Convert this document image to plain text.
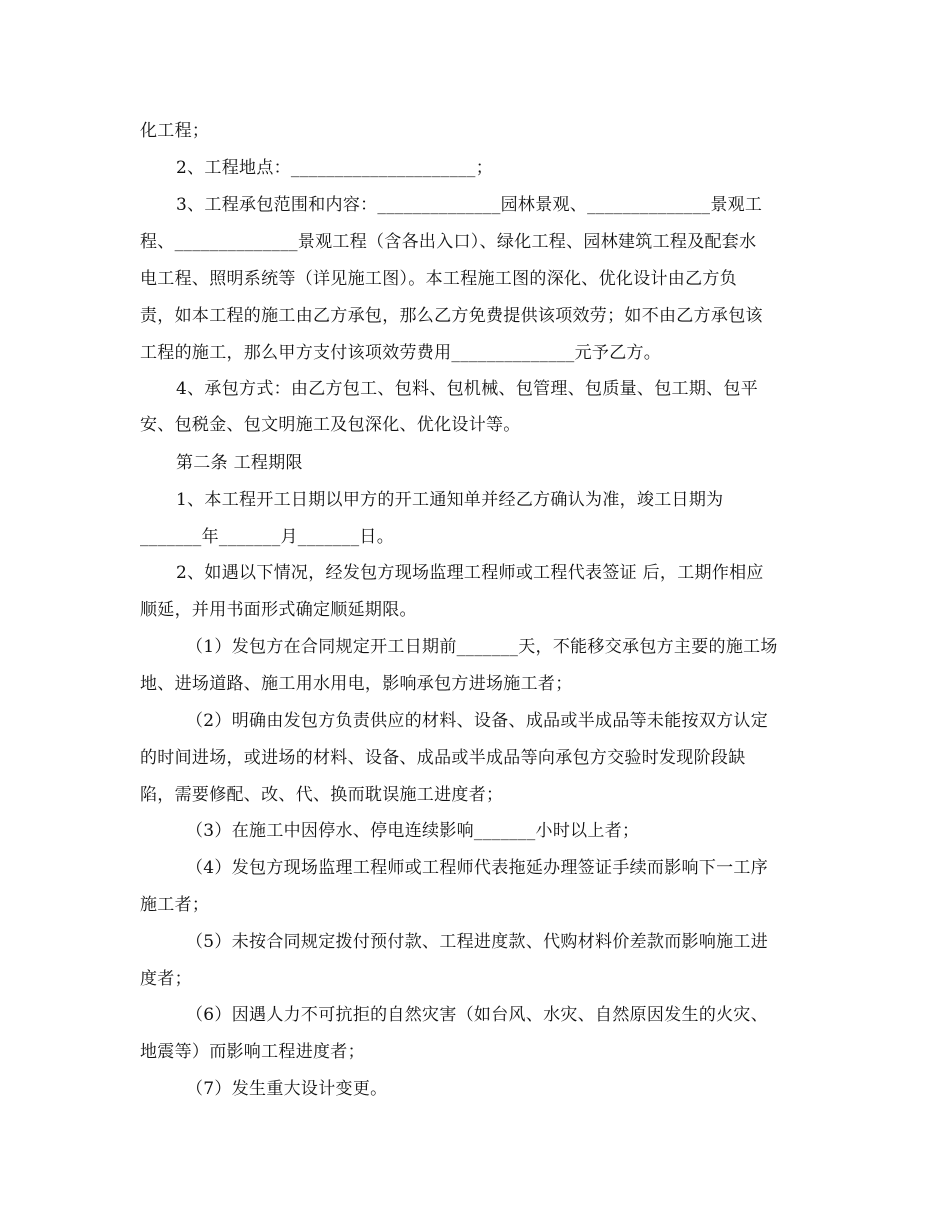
化工程；
2、工程地点：_____________________；
3、工程承包范围和内容：______________园林景观、______________景观工
程、______________景观工程（含各出入口）、绿化工程、园林建筑工程及配套水
电工程、照明系统等（详见施工图）。本工程施工图的深化、优化设计由乙方负
责，如本工程的施工由乙方承包，那么乙方免费提供该项效劳；如不由乙方承包该
工程的施工，那么甲方支付该项效劳费用______________元予乙方。
4、承包方式：由乙方包工、包料、包机械、包管理、包质量、包工期、包平
安、包税金、包文明施工及包深化、优化设计等。
第二条 工程期限
1、本工程开工日期以甲方的开工通知单并经乙方确认为准，竣工日期为
_______年_______月_______日。
2、如遇以下情况，经发包方现场监理工程师或工程代表签证 后，工期作相应
顺延，并用书面形式确定顺延期限。
（1）发包方在合同规定开工日期前_______天，不能移交承包方主要的施工场
地、进场道路、施工用水用电，影响承包方进场施工者；
（2）明确由发包方负责供应的材料、设备、成品或半成品等未能按双方认定
的时间进场，或进场的材料、设备、成品或半成品等向承包方交验时发现阶段缺
陷，需要修配、改、代、换而耽误施工进度者；
（3）在施工中因停水、停电连续影响_______小时以上者；
（4）发包方现场监理工程师或工程师代表拖延办理签证手续而影响下一工序
施工者；
（5）未按合同规定拨付预付款、工程进度款、代购材料价差款而影响施工进
度者；
（6）因遇人力不可抗拒的自然灾害（如台风、水灾、自然原因发生的火灾、
地震等）而影响工程进度者；
（7）发生重大设计变更。
